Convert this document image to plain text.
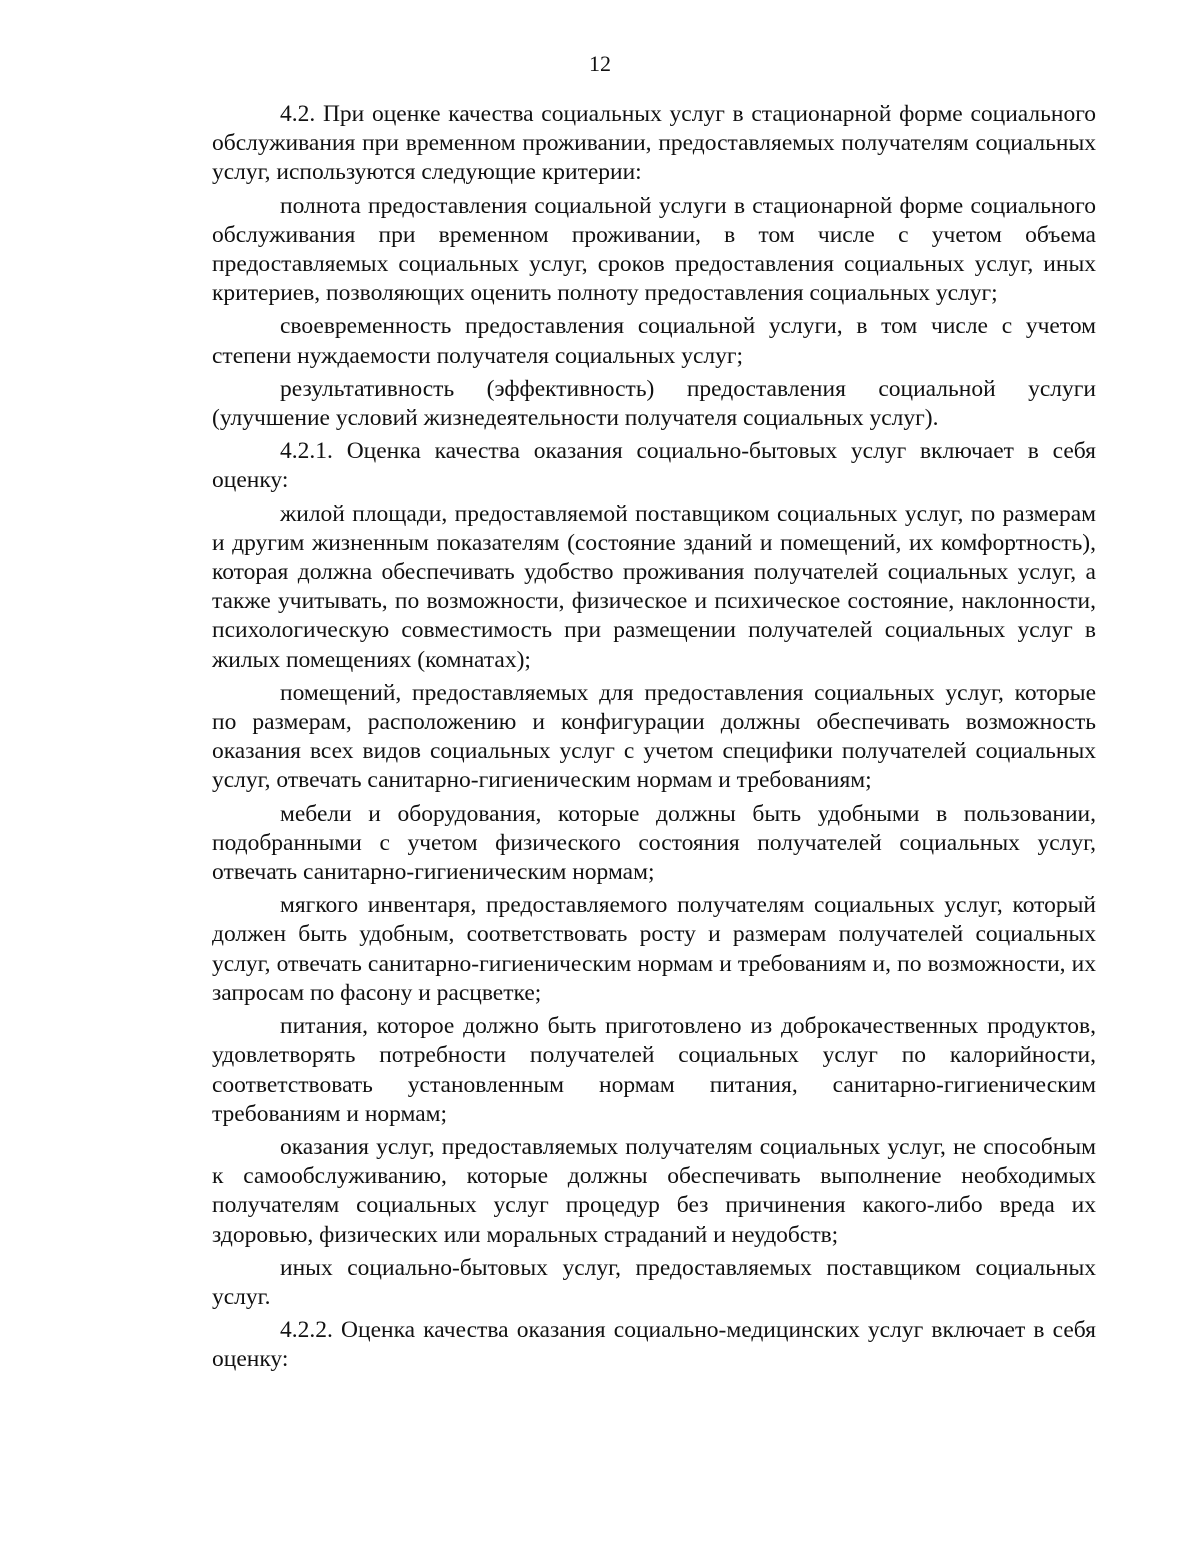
12

4.2. При оценке качества социальных услуг в стационарной форме социального обслуживания при временном проживании, предоставляемых получателям социальных услуг, используются следующие критерии:

полнота предоставления социальной услуги в стационарной форме социального обслуживания при временном проживании, в том числе с учетом объема предоставляемых социальных услуг, сроков предоставления социальных услуг, иных критериев, позволяющих оценить полноту предоставления социальных услуг;

своевременность предоставления социальной услуги, в том числе с учетом степени нуждаемости получателя социальных услуг;

результативность (эффективность) предоставления социальной услуги (улучшение условий жизнедеятельности получателя социальных услуг).

4.2.1. Оценка качества оказания социально-бытовых услуг включает в себя оценку:

жилой площади, предоставляемой поставщиком социальных услуг, по размерам и другим жизненным показателям (состояние зданий и помещений, их комфортность), которая должна обеспечивать удобство проживания получателей социальных услуг, а также учитывать, по возможности, физическое и психическое состояние, наклонности, психологическую совместимость при размещении получателей социальных услуг в жилых помещениях (комнатах);

помещений, предоставляемых для предоставления социальных услуг, которые по размерам, расположению и конфигурации должны обеспечивать возможность оказания всех видов социальных услуг с учетом специфики получателей социальных услуг, отвечать санитарно-гигиеническим нормам и требованиям;

мебели и оборудования, которые должны быть удобными в пользовании, подобранными с учетом физического состояния получателей социальных услуг, отвечать санитарно-гигиеническим нормам;

мягкого инвентаря, предоставляемого получателям социальных услуг, который должен быть удобным, соответствовать росту и размерам получателей социальных услуг, отвечать санитарно-гигиеническим нормам и требованиям и, по возможности, их запросам по фасону и расцветке;

питания, которое должно быть приготовлено из доброкачественных продуктов, удовлетворять потребности получателей социальных услуг по калорийности, соответствовать установленным нормам питания, санитарно-гигиеническим требованиям и нормам;

оказания услуг, предоставляемых получателям социальных услуг, не способным к самообслуживанию, которые должны обеспечивать выполнение необходимых получателям социальных услуг процедур без причинения какого-либо вреда их здоровью, физических или моральных страданий и неудобств;

иных социально-бытовых услуг, предоставляемых поставщиком социальных услуг.

4.2.2. Оценка качества оказания социально-медицинских услуг включает в себя оценку:
